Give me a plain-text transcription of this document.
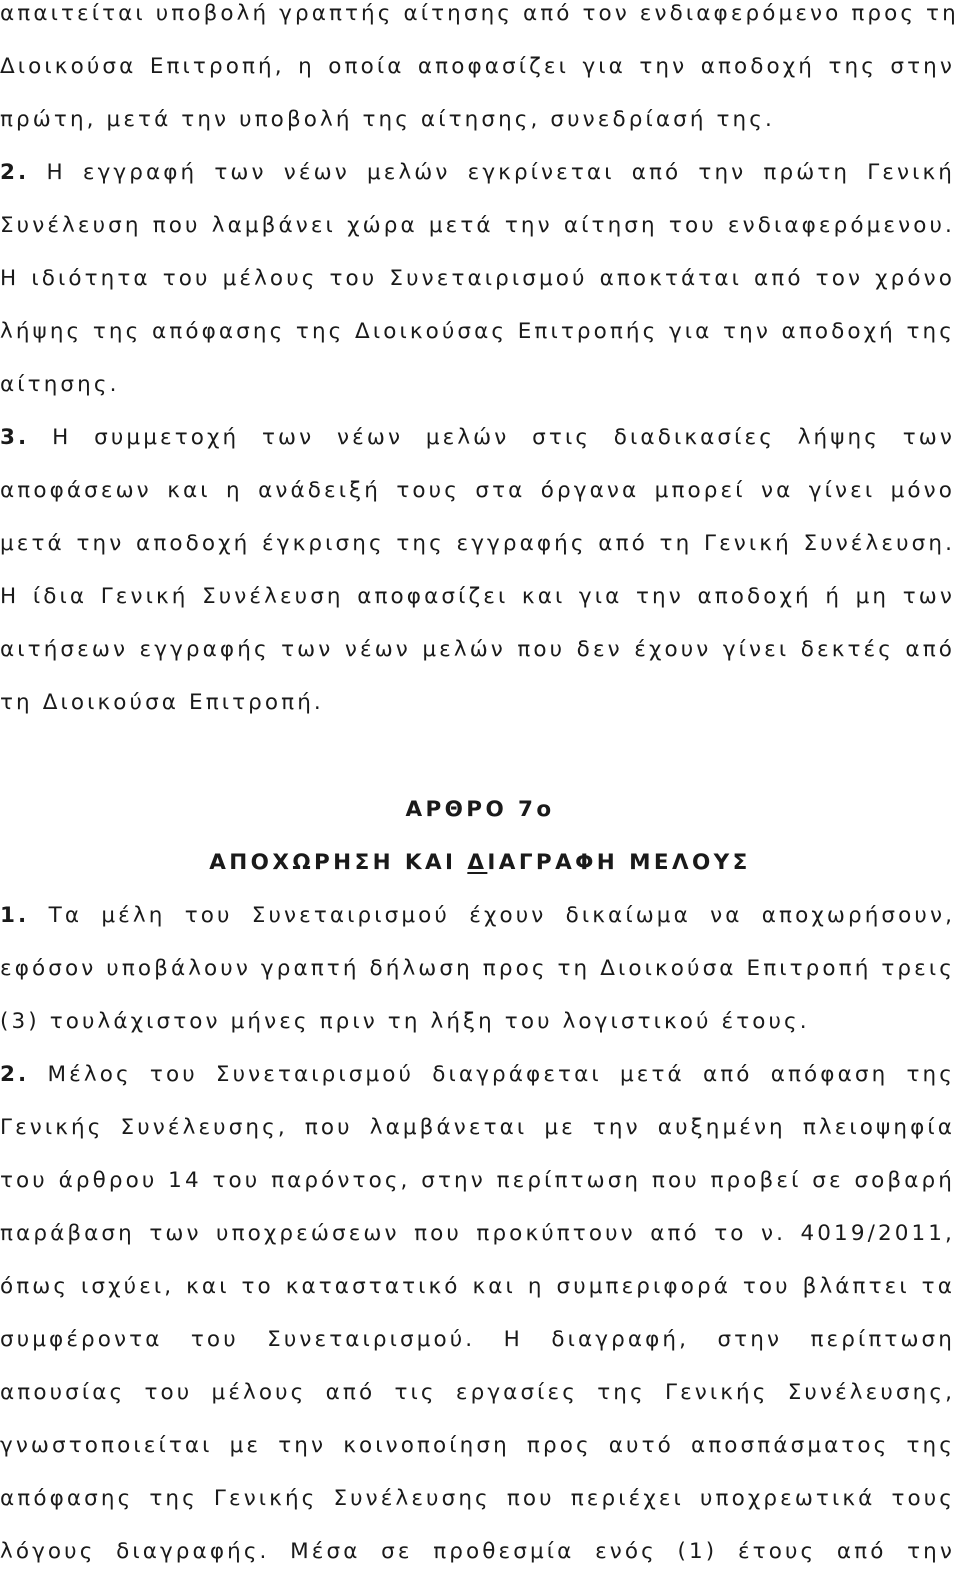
απαιτείται υποβολή γραπτής αίτησης από τον ενδιαφερόμενο προς τη
Διοικούσα Επιτροπή, η οποία αποφασίζει για την αποδοχή της στην
πρώτη, μετά την υποβολή της αίτησης, συνεδρίασή της.
2. Η εγγραφή των νέων μελών εγκρίνεται από την πρώτη Γενική
Συνέλευση που λαμβάνει χώρα μετά την αίτηση του ενδιαφερόμενου.
Η ιδιότητα του μέλους του Συνεταιρισμού αποκτάται από τον χρόνο
λήψης της απόφασης της Διοικούσας Επιτροπής για την αποδοχή της
αίτησης.
3. Η συμμετοχή των νέων μελών στις διαδικασίες λήψης των
αποφάσεων και η ανάδειξή τους στα όργανα μπορεί να γίνει μόνο
μετά την αποδοχή έγκρισης της εγγραφής από τη Γενική Συνέλευση.
Η ίδια Γενική Συνέλευση αποφασίζει και για την αποδοχή ή μη των
αιτήσεων εγγραφής των νέων μελών που δεν έχουν γίνει δεκτές από
τη Διοικούσα Επιτροπή.
ΑΡΘΡΟ 7ο
ΑΠΟΧΩΡΗΣΗ ΚΑΙ ΔΙΑΓΡΑΦΗ ΜΕΛΟΥΣ
1. Τα μέλη του Συνεταιρισμού έχουν δικαίωμα να αποχωρήσουν,
εφόσον υποβάλουν γραπτή δήλωση προς τη Διοικούσα Επιτροπή τρεις
(3) τουλάχιστον μήνες πριν τη λήξη του λογιστικού έτους.
2. Μέλος του Συνεταιρισμού διαγράφεται μετά από απόφαση της
Γενικής Συνέλευσης, που λαμβάνεται με την αυξημένη πλειοψηφία
του άρθρου 14 του παρόντος, στην περίπτωση που προβεί σε σοβαρή
παράβαση των υποχρεώσεων που προκύπτουν από το ν. 4019/2011,
όπως ισχύει, και το καταστατικό και η συμπεριφορά του βλάπτει τα
συμφέροντα του Συνεταιρισμού. Η διαγραφή, στην περίπτωση
απουσίας του μέλους από τις εργασίες της Γενικής Συνέλευσης,
γνωστοποιείται με την κοινοποίηση προς αυτό αποσπάσματος της
απόφασης της Γενικής Συνέλευσης που περιέχει υποχρεωτικά τους
λόγους διαγραφής. Μέσα σε προθεσμία ενός (1) έτους από την
